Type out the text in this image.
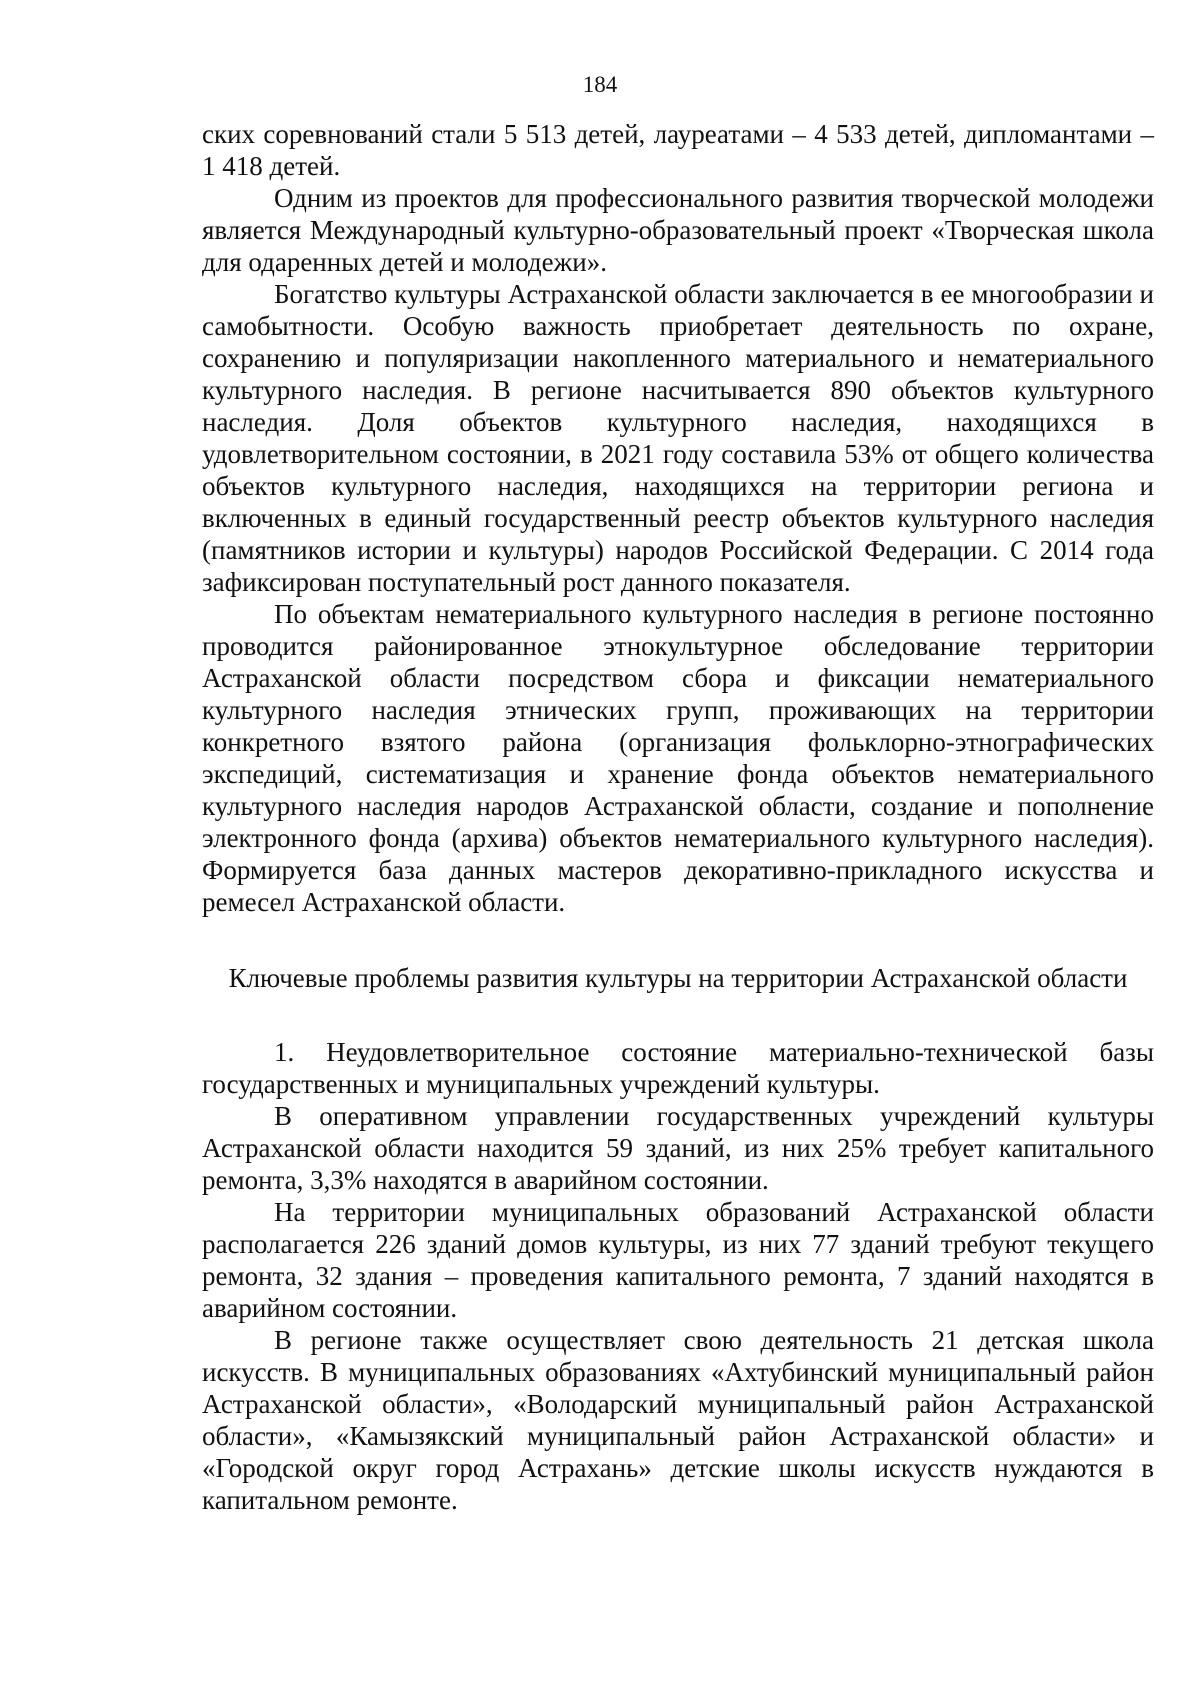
184

ских соревнований стали 5 513 детей, лауреатами – 4 533 детей, дипломантами – 1 418 детей.

Одним из проектов для профессионального развития творческой молодежи является Международный культурно-образовательный проект «Творческая школа для одаренных детей и молодежи».

Богатство культуры Астраханской области заключается в ее многообразии и самобытности. Особую важность приобретает деятельность по охране, сохранению и популяризации накопленного материального и нематериального культурного наследия. В регионе насчитывается 890 объектов культурного наследия. Доля объектов культурного наследия, находящихся в удовлетворительном состоянии, в 2021 году составила 53% от общего количества объектов культурного наследия, находящихся на территории региона и включенных в единый государственный реестр объектов культурного наследия (памятников истории и культуры) народов Российской Федерации. С 2014 года зафиксирован поступательный рост данного показателя.

По объектам нематериального культурного наследия в регионе постоянно проводится районированное этнокультурное обследование территории Астраханской области посредством сбора и фиксации нематериального культурного наследия этнических групп, проживающих на территории конкретного взятого района (организация фольклорно-этнографических экспедиций, систематизация и хранение фонда объектов нематериального культурного наследия народов Астраханской области, создание и пополнение электронного фонда (архива) объектов нематериального культурного наследия). Формируется база данных мастеров декоративно-прикладного искусства и ремесел Астраханской области.

Ключевые проблемы развития культуры на территории Астраханской области

1. Неудовлетворительное состояние материально-технической базы государственных и муниципальных учреждений культуры.

В оперативном управлении государственных учреждений культуры Астраханской области находится 59 зданий, из них 25% требует капитального ремонта, 3,3% находятся в аварийном состоянии.

На территории муниципальных образований Астраханской области располагается 226 зданий домов культуры, из них 77 зданий требуют текущего ремонта, 32 здания – проведения капитального ремонта, 7 зданий находятся в аварийном состоянии.

В регионе также осуществляет свою деятельность 21 детская школа искусств. В муниципальных образованиях «Ахтубинский муниципальный район Астраханской области», «Володарский муниципальный район Астраханской области», «Камызякский муниципальный район Астраханской области» и «Городской округ город Астрахань» детские школы искусств нуждаются в капитальном ремонте.
